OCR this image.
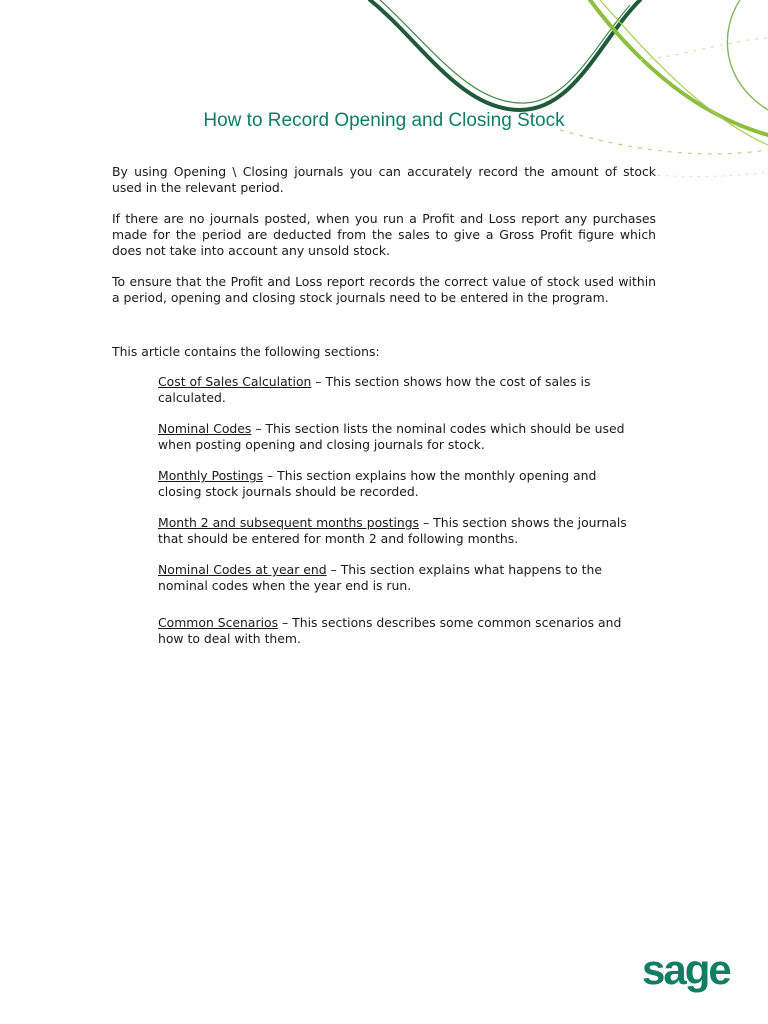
How to Record Opening and Closing Stock

By using Opening \ Closing journals you can accurately record the amount of stock used in the relevant period.

If there are no journals posted, when you run a Profit and Loss report any purchases made for the period are deducted from the sales to give a Gross Profit figure which does not take into account any unsold stock.

To ensure that the Profit and Loss report records the correct value of stock used within a period, opening and closing stock journals need to be entered in the program.

This article contains the following sections:

Cost of Sales Calculation – This section shows how the cost of sales is calculated.
Nominal Codes – This section lists the nominal codes which should be used when posting opening and closing journals for stock.
Monthly Postings – This section explains how the monthly opening and closing stock journals should be recorded.
Month 2 and subsequent months postings – This section shows the journals that should be entered for month 2 and following months.
Nominal Codes at year end – This section explains what happens to the nominal codes when the year end is run.
Common Scenarios – This sections describes some common scenarios and how to deal with them.
sage
